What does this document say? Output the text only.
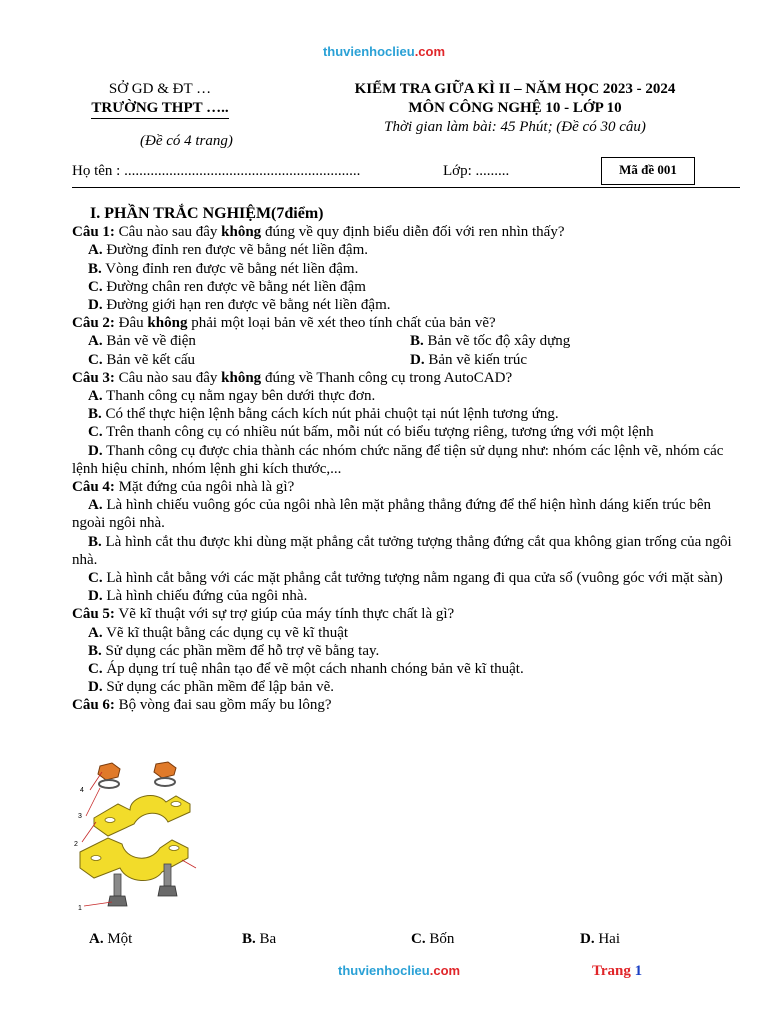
thuvienhoclieu.com
SỞ GD & ĐT …
TRƯỜNG THPT …..
KIỂM TRA GIỮA KÌ II – NĂM HỌC 2023 - 2024
MÔN CÔNG NGHỆ 10 - LỚP 10
Thời gian làm bài: 45 Phút; (Đề có 30 câu)
(Đề có 4 trang)
Họ tên : ...............................................................	Lớp: .........	Mã đề 001
I. PHẦN TRẮC NGHIỆM(7điểm)
Câu 1: Câu nào sau đây không đúng về quy định biểu diễn đối với ren nhìn thấy?
A. Đường đỉnh ren được vẽ bằng nét liền đậm.
B. Vòng đỉnh ren được vẽ bằng nét liền đậm.
C. Đường chân ren được vẽ bằng nét liền đậm
D. Đường giới hạn ren được vẽ bằng nét liền đậm.
Câu 2: Đâu không phải một loại bản vẽ xét theo tính chất của bản vẽ?
A. Bản vẽ về điện	B. Bản vẽ tốc độ xây dựng
C. Bản vẽ kết cấu	D. Bản vẽ kiến trúc
Câu 3: Câu nào sau đây không đúng về Thanh công cụ trong AutoCAD?
A. Thanh công cụ nằm ngay bên dưới thực đơn.
B. Có thể thực hiện lệnh bằng cách kích nút phải chuột tại nút lệnh tương ứng.
C. Trên thanh công cụ có nhiều nút bấm, mỗi nút có biểu tượng riêng, tương ứng với một lệnh
D. Thanh công cụ được chia thành các nhóm chức năng để tiện sử dụng như: nhóm các lệnh vẽ, nhóm các lệnh hiệu chỉnh, nhóm lệnh ghi kích thước,...
Câu 4: Mặt đứng của ngôi nhà là gì?
A. Là hình chiếu vuông góc của ngôi nhà lên mặt phẳng thẳng đứng để thể hiện hình dáng kiến trúc bên ngoài ngôi nhà.
B. Là hình cắt thu được khi dùng mặt phẳng cắt tưởng tượng thẳng đứng cắt qua không gian trống của ngôi nhà.
C. Là hình cắt bằng với các mặt phẳng cắt tưởng tượng nằm ngang đi qua cửa sổ (vuông góc với mặt sàn)
D. Là hình chiếu đứng của ngôi nhà.
Câu 5: Vẽ kĩ thuật với sự trợ giúp của máy tính thực chất là gì?
A. Vẽ kĩ thuật bằng các dụng cụ vẽ kĩ thuật
B. Sử dụng các phần mềm để hỗ trợ vẽ bằng tay.
C. Áp dụng trí tuệ nhân tạo để vẽ một cách nhanh chóng bản vẽ kĩ thuật.
D. Sử dụng các phần mềm để lập bản vẽ.
Câu 6: Bộ vòng đai sau gồm mấy bu lông?
4
3
2
1
A. Một	B. Ba	C. Bốn	D. Hai
thuvienhoclieu.com	Trang 1
